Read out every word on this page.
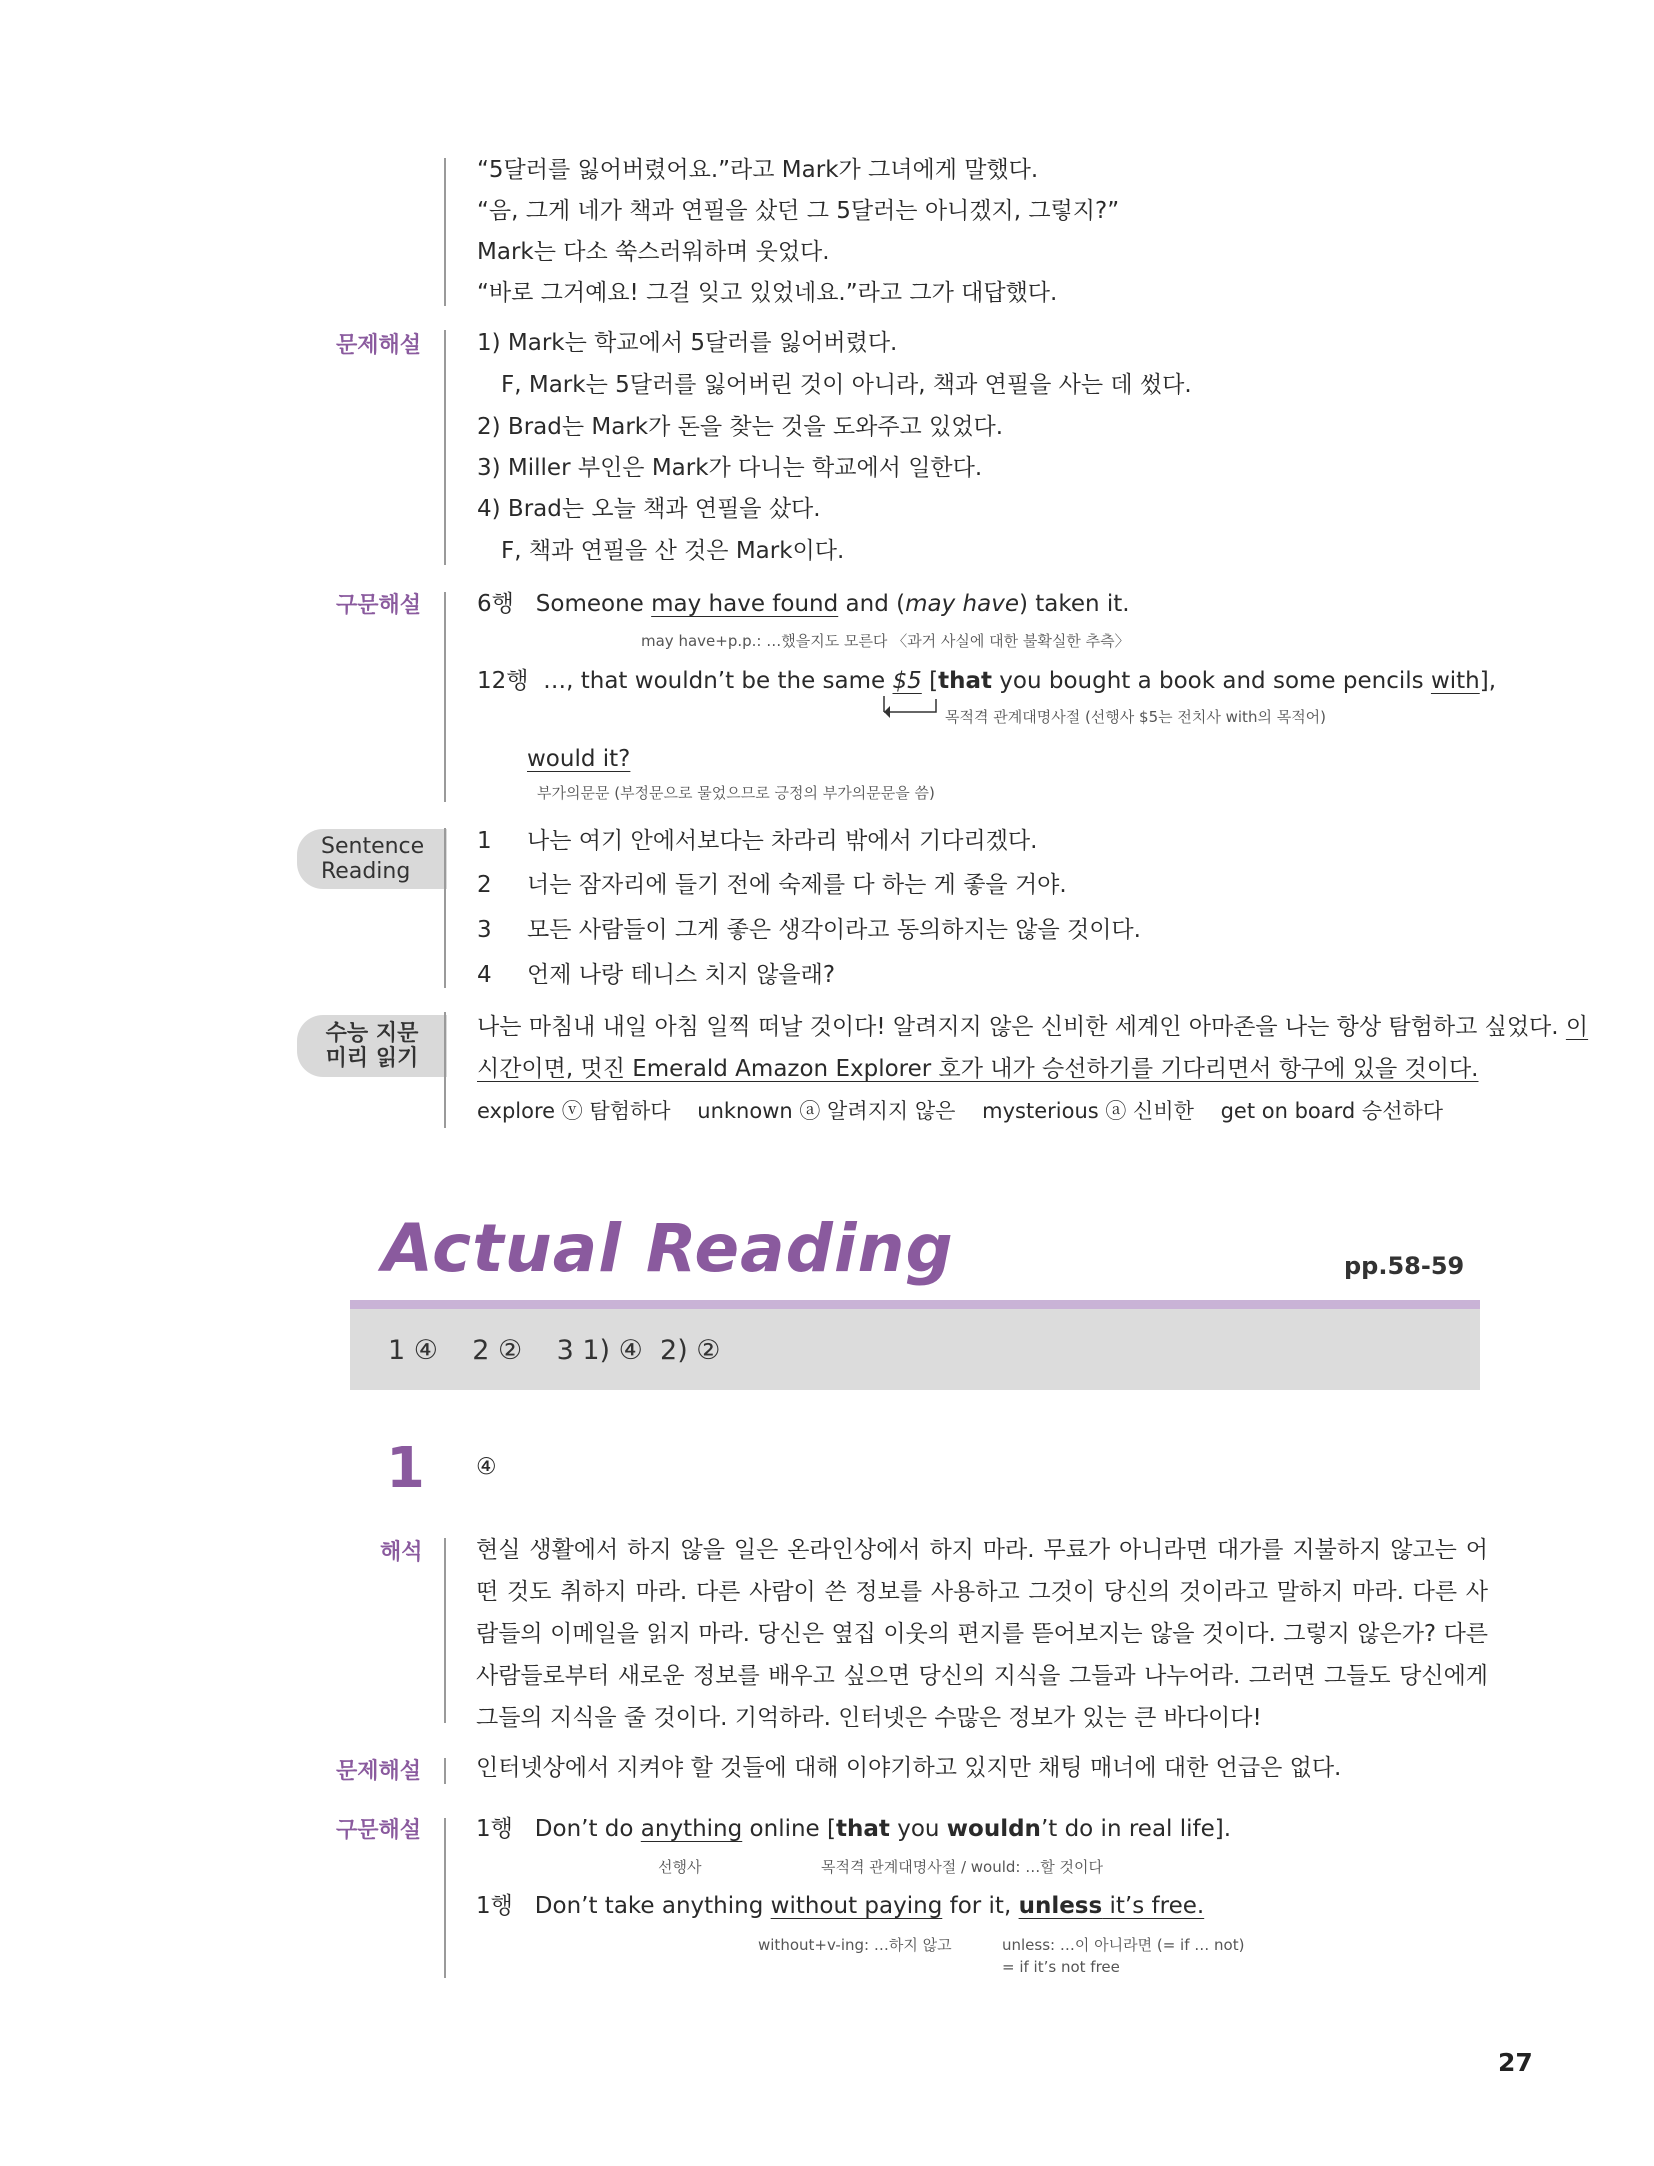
“5달러를 잃어버렸어요.”라고 Mark가 그녀에게 말했다.
“음, 그게 네가 책과 연필을 샀던 그 5달러는 아니겠지, 그렇지?”
Mark는 다소 쑥스러워하며 웃었다.
“바로 그거예요! 그걸 잊고 있었네요.”라고 그가 대답했다.
문제해설 1) Mark는 학교에서 5달러를 잃어버렸다.
F, Mark는 5달러를 잃어버린 것이 아니라, 책과 연필을 사는 데 썼다.
2) Brad는 Mark가 돈을 찾는 것을 도와주고 있었다.
3) Miller 부인은 Mark가 다니는 학교에서 일한다.
4) Brad는 오늘 책과 연필을 샀다.
F, 책과 연필을 산 것은 Mark이다.
구문해설 6행 Someone may have found and (may have) taken it.
may have+p.p.: …했을지도 모른다 〈과거 사실에 대한 불확실한 추측〉
12행 …, that wouldn’t be the same $5 [that you bought a book and some pencils with],
목적격 관계대명사절 (선행사 $5는 전치사 with의 목적어)
would it?
부가의문문 (부정문으로 물었으므로 긍정의 부가의문문을 씀)
Sentence
Reading
1 나는 여기 안에서보다는 차라리 밖에서 기다리겠다.
2 너는 잠자리에 들기 전에 숙제를 다 하는 게 좋을 거야.
3 모든 사람들이 그게 좋은 생각이라고 동의하지는 않을 것이다.
4 언제 나랑 테니스 치지 않을래?
수능 지문
미리 읽기
나는 마침내 내일 아침 일찍 떠날 것이다! 알려지지 않은 신비한 세계인 아마존을 나는 항상 탐험하고 싶었다. 이
시간이면, 멋진 Emerald Amazon Explorer 호가 내가 승선하기를 기다리면서 항구에 있을 것이다.
explore ⓥ 탐험하다    unknown ⓐ 알려지지 않은    mysterious ⓐ 신비한    get on board 승선하다
Actual Reading	pp.58-59
1 ④    2 ②    3 1) ④  2) ②
1 ④
해석 현실 생활에서 하지 않을 일은 온라인상에서 하지 마라. 무료가 아니라면 대가를 지불하지 않고는 어떤 것도 취하지 마라. 다른 사람이 쓴 정보를 사용하고 그것이 당신의 것이라고 말하지 마라. 다른 사람들의 이메일을 읽지 마라. 당신은 옆집 이웃의 편지를 뜯어보지는 않을 것이다. 그렇지 않은가? 다른 사람들로부터 새로운 정보를 배우고 싶으면 당신의 지식을 그들과 나누어라. 그러면 그들도 당신에게 그들의 지식을 줄 것이다. 기억하라. 인터넷은 수많은 정보가 있는 큰 바다이다!
문제해설 인터넷상에서 지켜야 할 것들에 대해 이야기하고 있지만 채팅 매너에 대한 언급은 없다.
구문해설 1행 Don’t do anything online [that you wouldn’t do in real life].
선행사	목적격 관계대명사절 / would: …할 것이다
1행 Don’t take anything without paying for it, unless it’s free.
without+v-ing: …하지 않고	unless: …이 아니라면 (= if … not)
= if it’s not free
27
